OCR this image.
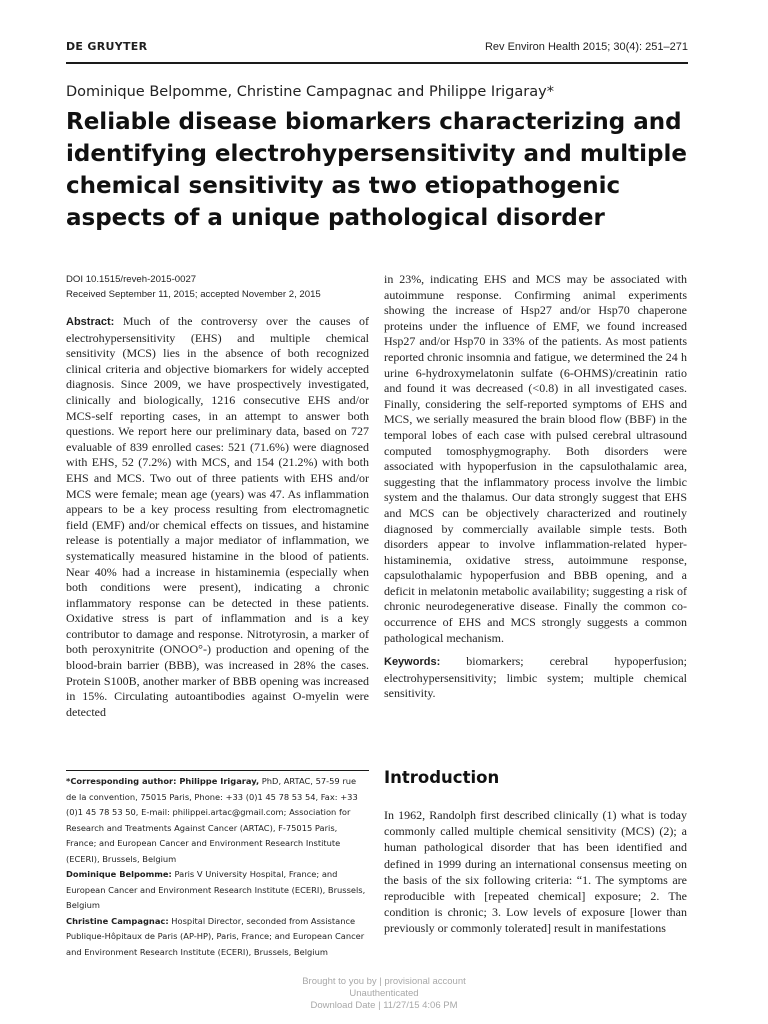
DE GRUYTER	Rev Environ Health 2015; 30(4): 251–271
Dominique Belpomme, Christine Campagnac and Philippe Irigaray*
Reliable disease biomarkers characterizing and identifying electrohypersensitivity and multiple chemical sensitivity as two etiopathogenic aspects of a unique pathological disorder
DOI 10.1515/reveh-2015-0027
Received September 11, 2015; accepted November 2, 2015

Abstract: Much of the controversy over the causes of electrohypersensitivity (EHS) and multiple chemical sensitivity (MCS) lies in the absence of both recognized clinical criteria and objective biomarkers for widely accepted diagnosis. Since 2009, we have prospectively investigated, clinically and biologically, 1216 consecutive EHS and/or MCS-self reporting cases, in an attempt to answer both questions. We report here our preliminary data, based on 727 evaluable of 839 enrolled cases: 521 (71.6%) were diagnosed with EHS, 52 (7.2%) with MCS, and 154 (21.2%) with both EHS and MCS. Two out of three patients with EHS and/or MCS were female; mean age (years) was 47. As inflammation appears to be a key process resulting from electromagnetic field (EMF) and/or chemical effects on tissues, and histamine release is potentially a major mediator of inflammation, we systematically measured histamine in the blood of patients. Near 40% had a increase in histaminemia (especially when both conditions were present), indicating a chronic inflammatory response can be detected in these patients. Oxidative stress is part of inflammation and is a key contributor to damage and response. Nitrotyrosin, a marker of both peroxynitrite (ONOO°-) production and opening of the blood-brain barrier (BBB), was increased in 28% the cases. Protein S100B, another marker of BBB opening was increased in 15%. Circulating autoantibodies against O-myelin were detected

in 23%, indicating EHS and MCS may be associated with autoimmune response. Confirming animal experiments showing the increase of Hsp27 and/or Hsp70 chaperone proteins under the influence of EMF, we found increased Hsp27 and/or Hsp70 in 33% of the patients. As most patients reported chronic insomnia and fatigue, we determined the 24 h urine 6-hydroxymelatonin sulfate (6-OHMS)/creatinin ratio and found it was decreased (<0.8) in all investigated cases. Finally, considering the self-reported symptoms of EHS and MCS, we serially measured the brain blood flow (BBF) in the temporal lobes of each case with pulsed cerebral ultrasound computed tomosphygmography. Both disorders were associated with hypoperfusion in the capsulothalamic area, suggesting that the inflammatory process involve the limbic system and the thalamus. Our data strongly suggest that EHS and MCS can be objectively characterized and routinely diagnosed by commercially available simple tests. Both disorders appear to involve inflammation-related hyper-histaminemia, oxidative stress, autoimmune response, capsulothalamic hypoperfusion and BBB opening, and a deficit in melatonin metabolic availability; suggesting a risk of chronic neurodegenerative disease. Finally the common co-occurrence of EHS and MCS strongly suggests a common pathological mechanism.

Keywords: biomarkers; cerebral hypoperfusion; electrohypersensitivity; limbic system; multiple chemical sensitivity.

*Corresponding author: Philippe Irigaray, PhD, ARTAC, 57-59 rue de la convention, 75015 Paris, Phone: +33 (0)1 45 78 53 54, Fax: +33 (0)1 45 78 53 50, E-mail: philippei.artac@gmail.com; Association for Research and Treatments Against Cancer (ARTAC), F-75015 Paris, France; and European Cancer and Environment Research Institute (ECERI), Brussels, Belgium

Dominique Belpomme: Paris V University Hospital, France; and European Cancer and Environment Research Institute (ECERI), Brussels, Belgium

Christine Campagnac: Hospital Director, seconded from Assistance Publique-Hôpitaux de Paris (AP-HP), Paris, France; and European Cancer and Environment Research Institute (ECERI), Brussels, Belgium

Introduction

In 1962, Randolph first described clinically (1) what is today commonly called multiple chemical sensitivity (MCS) (2); a human pathological disorder that has been identified and defined in 1999 during an international consensus meeting on the basis of the six following criteria: “1. The symptoms are reproducible with [repeated chemical] exposure; 2. The condition is chronic; 3. Low levels of exposure [lower than previously or commonly tolerated] result in manifestations

Brought to you by | provisional account
Unauthenticated
Download Date | 11/27/15 4:06 PM
